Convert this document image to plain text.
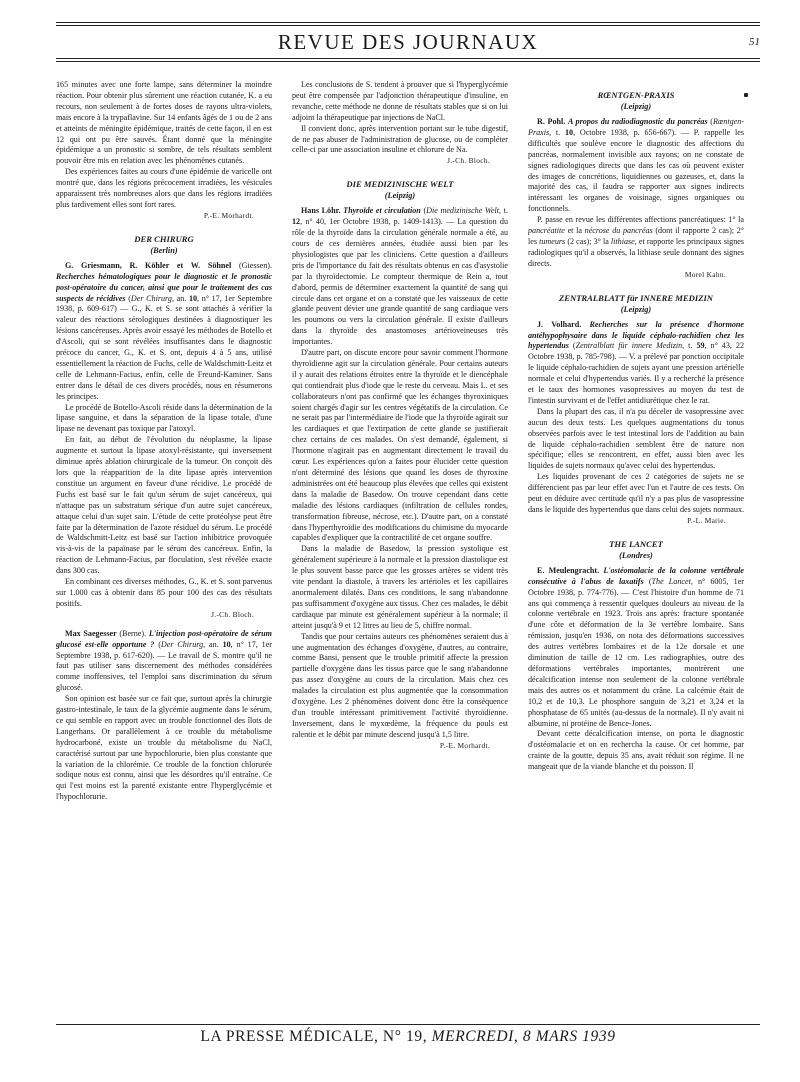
REVUE DES JOURNAUX	51

165 minutes avec une forte lampe, sans déterminer la moindre réaction. Pour obtenir plus sûrement une réaction cutanée, K. a eu recours, non seulement à de fortes doses de rayons ultra-violets, mais encore à la trypaflavine. Sur 14 enfants âgés de 1 ou de 2 ans et atteints de méningite épidémique, traités de cette façon, il en est 12 qui ont pu être sauvés. Étant donné que la méningite épidémique a un pronostic si sombre, de tels résultats semblent pouvoir être mis en relation avec les phénomènes cutanés.

Des expériences faites au cours d'une épidémie de varicelle ont montré que, dans les régions précocement irradiées, les vésicules apparaissent très nombreuses alors que dans les régions irradiées plus tardivement elles sont fort rares.

P.-E. Morhardt.

DER CHIRURG
(Berlin)

G. Griesmann, R. Köhler et W. Söhnel (Giessen). Recherches hématologiques pour le diagnostic et le pronostic post-opératoire du cancer, ainsi que pour le traitement des cas suspects de récidives (Der Chirurg, an. 10, n° 17, 1er Septembre 1938, p. 609-617) — G., K. et S. se sont attachés à vérifier la valeur des réactions sérologiques destinées à diagnostiquer les lésions cancéreuses. Après avoir essayé les méthodes de Botello et d'Ascoli, qui se sont révélées insuffisantes dans le diagnostic précoce du cancer, G., K. et S. ont, depuis 4 à 5 ans, utilisé essentiellement la réaction de Fuchs, celle de Waldschmitt-Leitz et celle de Lehmann-Facius, enfin, celle de Freund-Kaminer. Sans entrer dans le détail de ces divers procédés, nous en résumerons les principes.

Le procédé de Botello-Ascoli réside dans la détermination de la lipase sanguine, et dans la séparation de la lipase totale, d'une lipase ne devenant pas toxique par l'atoxyl.

En fait, au début de l'évolution du néoplasme, la lipase augmente et surtout la lipase atoxyl-résistante, qui inversement diminue après ablation chirurgicale de la tumeur. On conçoit dès lors que la réapparition de la dite lipase après intervention constitue un argument en faveur d'une récidive. Le procédé de Fuchs est basé sur le fait qu'un sérum de sujet cancéreux, qui n'attaque pas un substratum sérique d'un autre sujet cancéreux, attaque celui d'un sujet sain. L'étude de cette protéolyse peut être faite par la détermination de l'azote résiduel du sérum. Le procédé de Waldschmitt-Leitz est basé sur l'action inhibitrice provoquée vis-à-vis de la papaïnase par le sérum des cancéreux. Enfin, la réaction de Lehmann-Facius, par floculation, s'est révélée exacte dans 300 cas.

En combinant ces diverses méthodes, G., K. et S. sont parvenus sur 1.000 cas à obtenir dans 85 pour 100 des cas des résultats positifs.

J.-Ch. Bloch.

Max Saegesser (Berne). L'injection post-opératoire de sérum glucosé est-elle opportune ? (Der Chirurg, an. 10, n° 17, 1er Septembre 1938, p. 617-620). — Le travail de S. montre qu'il ne faut pas utiliser sans discernement des méthodes considérées comme inoffensives, tel l'emploi sans discrimination du sérum glucosé.

Son opinion est basée sur ce fait que, surtout après la chirurgie gastro-intestinale, le taux de la glycémie augmente dans le sérum, ce qui semble en rapport avec un trouble fonctionnel des îlots de Langerhans. Or parallèlement à ce trouble du métabolisme hydrocarboné, existe un trouble du métabolisme du NaCl, caractérisé surtout par une hypochlorurie, bien plus constante que la variation de la chlorémie. Ce trouble de la fonction chlorurée sodique nous est connu, ainsi que les désordres qu'il entraîne. Ce qui l'est moins est la parenté existante entre l'hyperglycémie et l'hypochlorurie.

Les conclusions de S. tendent à prouver que si l'hyperglycémie peut être compensée par l'adjonction thérapeutique d'insuline, en revanche, cette méthode ne donne de résultats stables que si on lui adjoint la thérapeutique par injections de NaCl.

Il convient donc, après intervention portant sur le tube digestif, de ne pas abuser de l'administration de glucose, ou de compléter celle-ci par une association insuline et chlorure de Na.

J.-Ch. Bloch.

DIE MEDIZINISCHE WELT
(Leipzig)

Hans Löhr. Thyroïde et circulation (Die medizinische Welt, t. 12, n° 40, 1er Octobre 1938, p. 1409-1413). — La question du rôle de la thyroïde dans la circulation générale normale a été, au cours de ces dernières années, étudiée aussi bien par les physiologistes que par les cliniciens. Cette question a d'ailleurs pris de l'importance du fait des résultats obtenus en cas d'asystolie par la thyroïdectomie. Le compteur thermique de Rein a, tout d'abord, permis de déterminer exactement la quantité de sang qui circule dans cet organe et on a constaté que les vaisseaux de cette glande peuvent dévier une grande quantité de sang cardiaque vers les poumons ou vers la circulation générale. Il existe d'ailleurs dans la thyroïde des anastomoses artérioveineuses très importantes.

D'autre part, on discute encore pour savoir comment l'hormone thyroïdienne agit sur la circulation générale. Pour certains auteurs il y aurait des relations étroites entre la thyroïde et le diencéphale qui contiendrait plus d'iode que le reste du cerveau. Mais L. et ses collaborateurs n'ont pas confirmé que les échanges thyroxiniques soient chargés d'agir sur les centres végétatifs de la circulation. Ce ne serait pas par l'intermédiaire de l'iode que la thyroïde agirait sur les cardiaques et que l'extirpation de cette glande se justifierait chez certains de ces malades. On s'est demandé, également, si l'hormone n'agirait pas en augmentant directement le travail du cœur. Les expériences qu'on a faites pour élucider cette question n'ont déterminé des lésions que quand les doses de thyroxine administrées ont été beaucoup plus élevées que celles qui existent dans la maladie de Basedow. On trouve cependant dans cette maladie des lésions cardiaques (infiltration de cellules rondes, transformation fibreuse, nécrose, etc.). D'autre part, on a constaté dans l'hyperthyroïdie des modifications du chimisme du myocarde capables d'expliquer que la contractilité de cet organe souffre.

Dans la maladie de Basedow, la pression systolique est généralement supérieure à la normale et la pression diastolique est le plus souvent basse parce que les grosses artères se vident très vite pendant la diastole, à travers les artérioles et les capillaires anormalement dilatés. Dans ces conditions, le sang n'abandonne pas suffisamment d'oxygène aux tissus. Chez ces malades, le débit cardiaque par minute est généralement supérieur à la normale; il atteint jusqu'à 9 et 12 litres au lieu de 5, chiffre normal.

Tandis que pour certains auteurs ces phénomènes seraient dus à une augmentation des échanges d'oxygène, d'autres, au contraire, comme Bansi, pensent que le trouble primitif affecte la pression partielle d'oxygène dans les tissus parce que le sang n'abandonne pas assez d'oxygène au cours de la circulation. Mais chez ces malades la circulation est plus augmentée que la consommation d'oxygène. Les 2 phénomènes doivent donc être la conséquence d'un trouble intéressant primitivement l'activité thyroïdienne. Inversement, dans le myxœdème, la fréquence du pouls est ralentie et le débit par minute descend jusqu'à 1,5 litre.

P.-E. Morhardt.

RŒNTGEN-PRAXIS
(Leipzig)

R. Pohl. A propos du radiodiagnostic du pancréas (Rœntgen-Praxis, t. 10, Octobre 1938, p. 656-667). — P. rappelle les difficultés que soulève encore le diagnostic des affections du pancréas, normalement invisible aux rayons; on ne constate de signes radiologiques directs que dans les cas où peuvent exister des images de concrétions, liquidiennes ou gazeuses, et, dans la majorité des cas, il faudra se rapporter aux signes indirects intéressant les organes de voisinage, signes organiques ou fonctionnels.

P. passe en revue les différentes affections pancréatiques: 1° la pancréatite et la nécrose du pancréas (dont il rapporte 2 cas); 2° les tumeurs (2 cas); 3° la lithiase, et rapporte les principaux signes radiologiques qu'il a observés, la lithiase seule donnant des signes directs.

Morel Kahn.

ZENTRALBLATT für INNERE MEDIZIN
(Leipzig)

J. Volhard. Recherches sur la présence d'hormone antéhypophysaire dans le liquide céphalo-rachidien chez les hypertendus (Zentralblatt für innere Medizin, t. 59, n° 43, 22 Octobre 1938, p. 785-798). — V. a prélevé par ponction occipitale le liquide céphalo-rachidien de sujets ayant une pression artérielle normale et celui d'hypertendus variés. Il y a recherché la présence et le taux des hormones vasopressives au moyen du test de l'intestin survivant et de l'effet antidiurétique chez le rat.

Dans la plupart des cas, il n'a pu déceler de vasopressine avec aucun des deux tests. Les quelques augmentations du tonus observées parfois avec le test intestinal lors de l'addition au bain de liquide céphalo-rachidien semblent être de nature non spécifique; elles se rencontrent, en effet, aussi bien avec les liquides de sujets normaux qu'avec celui des hypertendus.

Les liquides provenant de ces 2 catégories de sujets ne se différencient pas par leur effet avec l'un et l'autre de ces tests. On peut en déduire avec certitude qu'il n'y a pas plus de vasopressine dans le liquide des hypertendus que dans celui des sujets normaux.

P.-L. Marie.

THE LANCET
(Londres)

E. Meulengracht. L'ostéomalacie de la colonne vertébrale consécutive à l'abus de laxatifs (The Lancet, n° 6005, 1er Octobre 1938, p. 774-776). — C'est l'histoire d'un homme de 71 ans qui commença à ressentir quelques douleurs au niveau de la colonne vertébrale en 1923. Trois ans après: fracture spontanée d'une côte et déformation de la 3e vertèbre lombaire. Sans rémission, jusqu'en 1936, on nota des déformations successives des autres vertèbres lombaires et de la 12e dorsale et une diminution de taille de 12 cm. Les radiographies, outre des déformations vertébrales importantes, montrèrent une décalcification intense non seulement de la colonne vertébrale mais des autres os et notamment du crâne. La calcémie était de 10,2 et de 10,3. Le phosphore sanguin de 3,21 et 3,24 et la phosphatase de 65 unités (au-dessus de la normale). Il n'y avait ni albumine, ni protéine de Bence-Jones.

Devant cette décalcification intense, on porta le diagnostic d'ostéomalacie et on en rechercha la cause. Or cet homme, par crainte de la goutte, depuis 35 ans, avait réduit son régime. Il ne mangeait que de la viande blanche et du poisson. Il

LA PRESSE MÉDICALE, N° 19, MERCREDI, 8 MARS 1939
